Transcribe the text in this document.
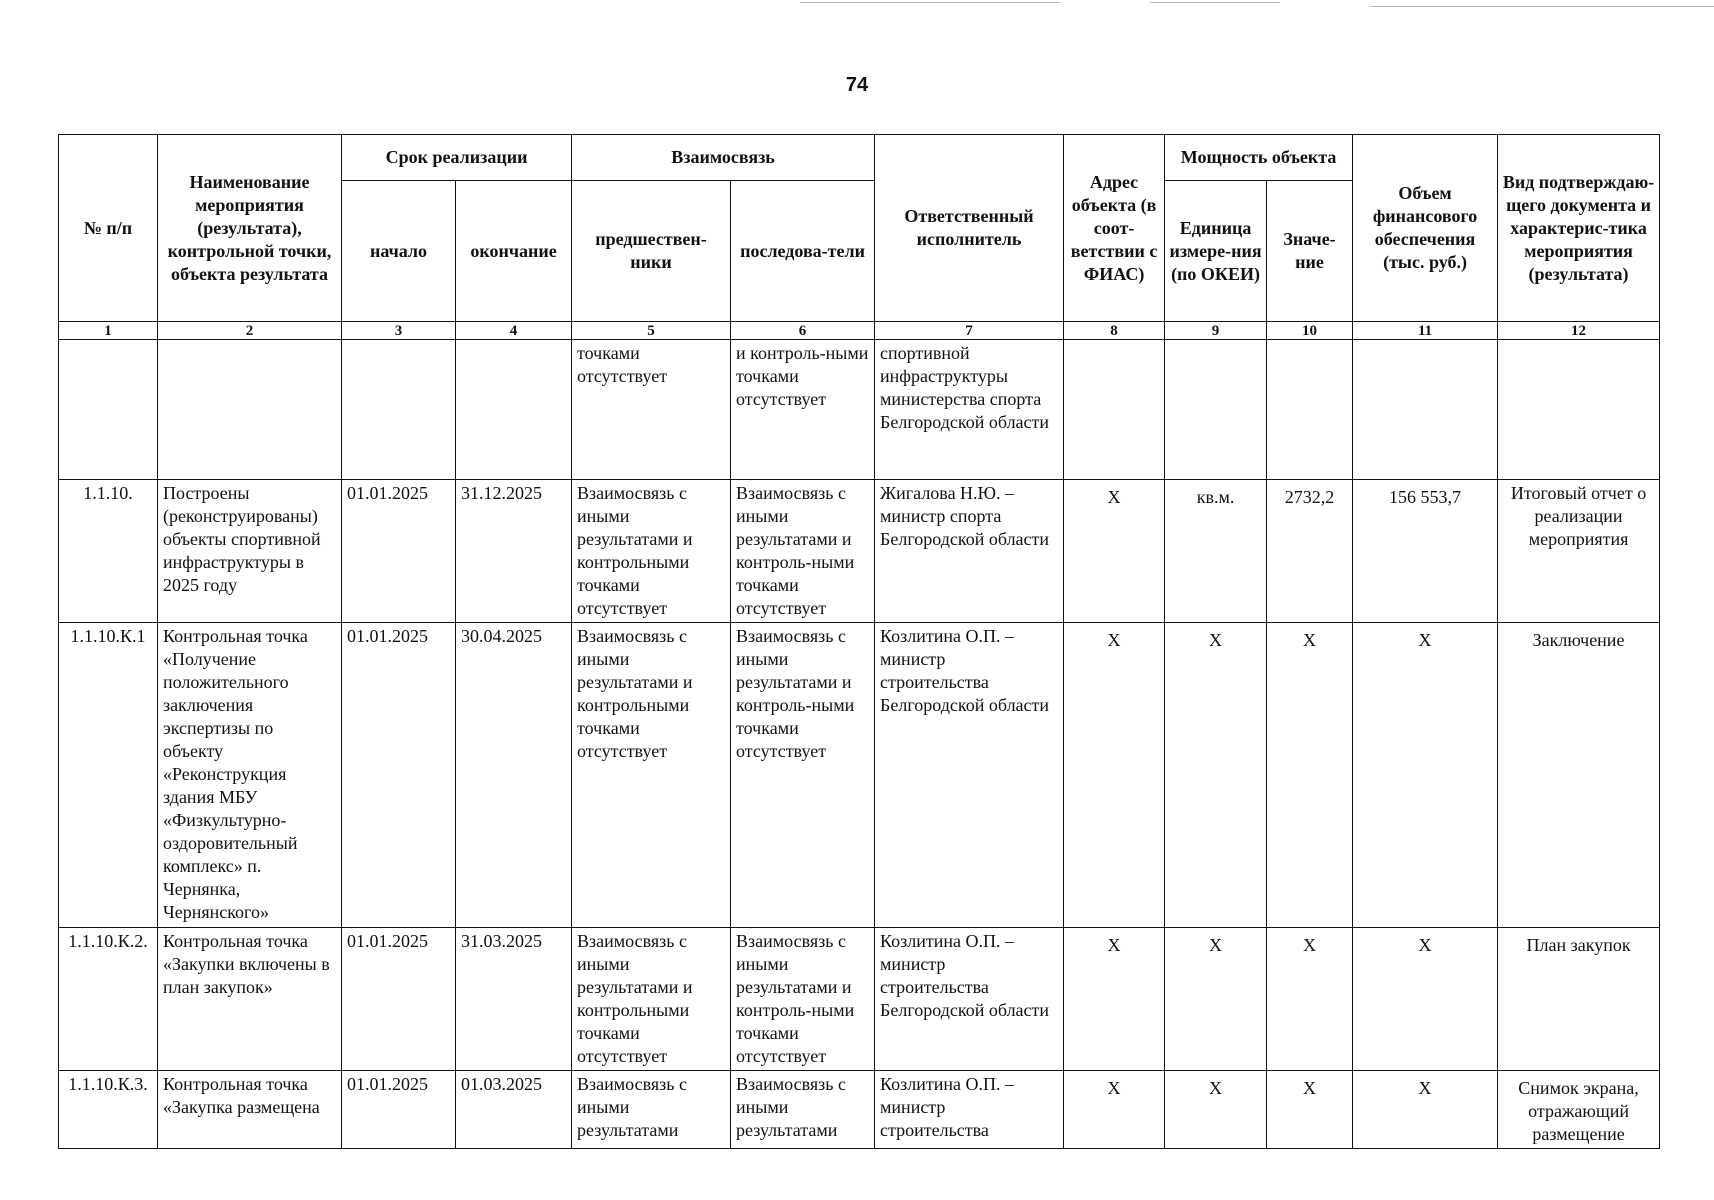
74
№ п/п	Наименование мероприятия (результата), контрольной точки, объекта результата	Срок реализации		Взаимосвязь		Ответственный исполнитель	Адрес объекта (в соот-ветствии с ФИАС)	Мощность объекта		Объем финансового обеспечения (тыс. руб.)	Вид подтверждаю-щего документа и характерис-тика мероприятия (результата)
		начало	окончание	предшествен-ники	последова-тели			Единица измере-ния (по ОКЕИ)	Значе-ние		
1	2	3	4	5	6	7	8	9	10	11	12
				точками отсутствует	и контроль-ными точками отсутствует	спортивной инфраструктуры министерства спорта Белгородской области					
1.1.10.	Построены (реконструированы) объекты спортивной инфраструктуры в 2025 году	01.01.2025	31.12.2025	Взаимосвязь с иными результатами и контрольными точками отсутствует	Взаимосвязь с иными результатами и контроль-ными точками отсутствует	Жигалова Н.Ю. – министр спорта Белгородской области	Х	кв.м.	2732,2	156 553,7	Итоговый отчет о реализации мероприятия
1.1.10.К.1	Контрольная точка «Получение положительного заключения экспертизы по объекту «Реконструкция здания МБУ «Физкультурно-оздоровительный комплекс» п. Чернянка, Чернянского»	01.01.2025	30.04.2025	Взаимосвязь с иными результатами и контрольными точками отсутствует	Взаимосвязь с иными результатами и контроль-ными точками отсутствует	Козлитина О.П. – министр строительства Белгородской области	Х	Х	Х	Х	Заключение
1.1.10.К.2.	Контрольная точка «Закупки включены в план закупок»	01.01.2025	31.03.2025	Взаимосвязь с иными результатами и контрольными точками отсутствует	Взаимосвязь с иными результатами и контроль-ными точками отсутствует	Козлитина О.П. – министр строительства Белгородской области	Х	Х	Х	Х	План закупок
1.1.10.К.3.	Контрольная точка «Закупка размещена	01.01.2025	01.03.2025	Взаимосвязь с иными результатами	Взаимосвязь с иными результатами	Козлитина О.П. – министр строительства	Х	Х	Х	Х	Снимок экрана, отражающий размещение
